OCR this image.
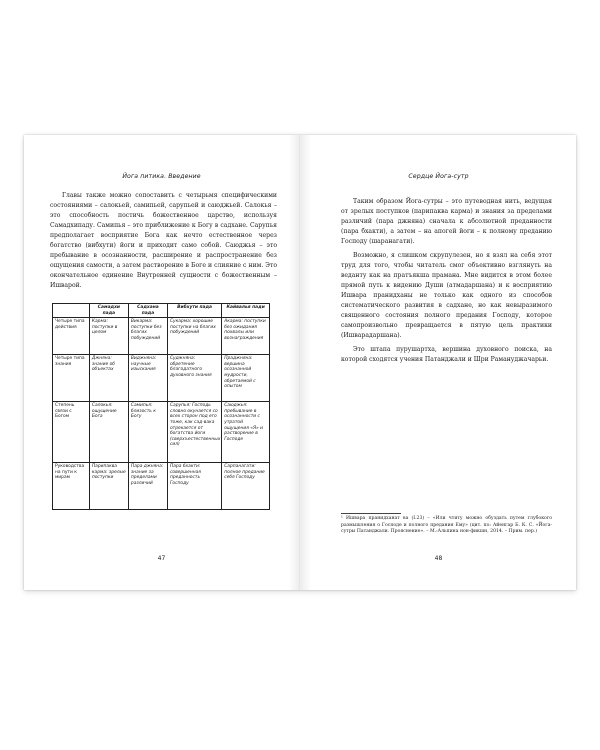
Йога питика. Введение

Главы также можно сопоставить с четырьмя специфическими состояниями – салокьей, самипьей, сарупьей и саюджьей. Салокья – это способность постичь божественное царство, используя Самадхипаду. Самипья – это приближение к Богу в садхане. Сарупья предполагает восприятие Бога как нечто естественное через богатство (вибхути) йоги и приходит само собой. Саюджья – это пребывание в осознанности, расширение и распространение без ощущения самости, а затем растворение в Боге и слияние с ним. Это окончательное единение Внутренней сущности с божественным – Ишварой.

	Самадхи пада	Садхана пада	Вибхути пада	Кайвалья пади
Четыре типа действия	Карма: поступки в целом	Викарма: поступки без благих побуждений	Сукарма: хорошие поступки на благих побуждений	Акарма: поступки без ожидания похвалы или вознаграждения
Четыре типа знания	Джняна: знание об объектах	Виджняна: научные изыскания	Суджняна: обретение благодатного духовного знания	Праджняна: вершина осознанной мудрости, обретаемой с опытом
Степень связи с Богом	Салокья: ощущение Бога	Самипья: близость к Богу	Сарупья: Господь словно окунается со всех сторон под его тоже, как сад-вака отрекается от богатства йоги (сверхъестественных сил)	Саюджья: пребывание в осознанности с утратой ощущения «Я» и растворение в Господе
Руководства на пути к мирам	Парипаква карма: зрелые поступки	Пара джняна: знание за пределами различий	Пара бхакти: совершенная преданность Господу	Сарпанагати: полное предание себя Господу
47
Сердце Йога-сутр

Таким образом Йога-сутры – это путеводная нить, ведущая от зрелых поступков (парипаква карма) и знания за пределами различий (пара джняна) сначала к абсолютной преданности (пара бхакти), а затем – на апогей йоги – к полному преданию Господу (шаранагати).

Возможно, я слишком скрупулезен, но я взял на себя этот труд для того, чтобы читатель смог объективно взглянуть на веданту как на пратъякша прамана. Мне видится в этом более прямой путь к видению Души (атмадаршана) и к восприятию Ишвара пранидханы не только как одного из способов систематического развития в садхане, но как невыразимого священного состояния полного предания Господу, которое самопроизвольно превращается в пятую цель практики (Ишварадаршана).

Это штапа пурушартха, вершина духовного поиска, на которой сходятся учения Патанджали и Шри Рамануджачарьи.

¹ Ишвара пранидханат ва (I.23) – «Или чтиту можно обуздать путем глубокого размышления о Господе и полного предания Ему» (цит. по: Айенгар Б. К. С. «Йога-сутры Патанджали. Прояснение». – М.:Альпина нон-фикшн, 2014. – Прим. пер.)
48
